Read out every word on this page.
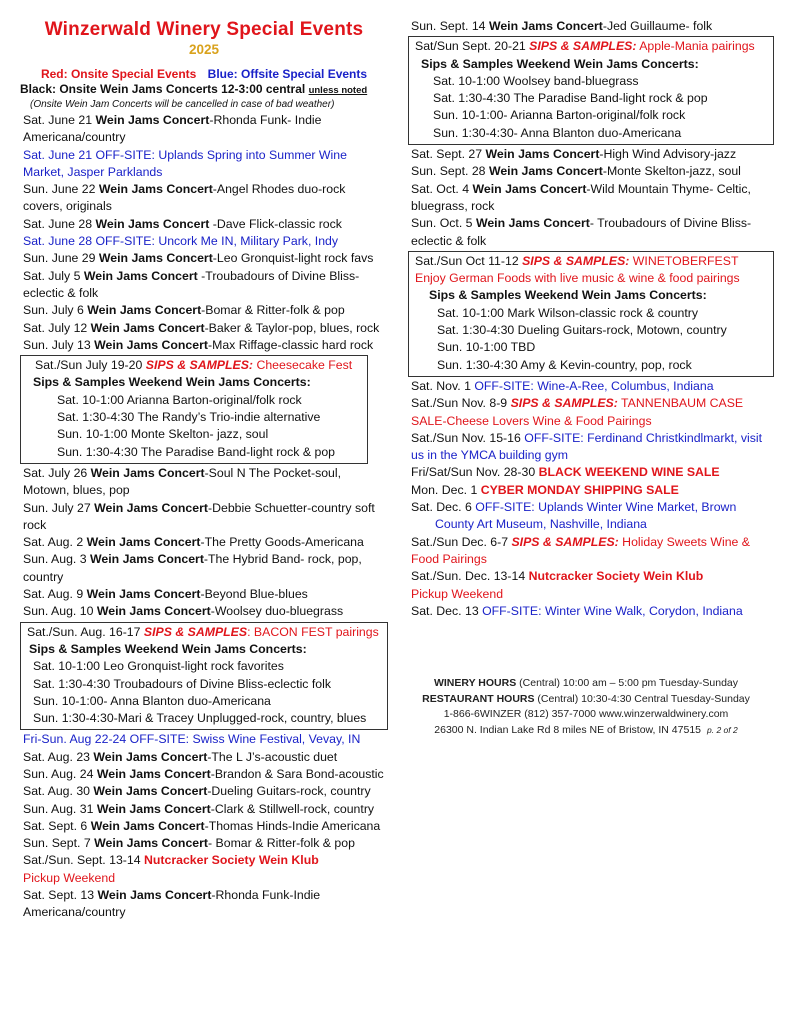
Winzerwald Winery Special Events
2025
Red: Onsite Special Events Blue: Offsite Special Events
Black: Onsite Wein Jams Concerts 12-3:00 central unless noted
(Onsite Wein Jam Concerts will be cancelled in case of bad weather)
Sat. June 21 Wein Jams Concert-Rhonda Funk- Indie Americana/country
Sat. June 21 OFF-SITE: Uplands Spring into Summer Wine Market, Jasper Parklands
Sun. June 22 Wein Jams Concert-Angel Rhodes duo-rock covers, originals
Sat. June 28 Wein Jams Concert -Dave Flick-classic rock
Sat. June 28 OFF-SITE: Uncork Me IN, Military Park, Indy
Sun. June 29 Wein Jams Concert-Leo Gronquist-light rock favs
Sat. July 5 Wein Jams Concert -Troubadours of Divine Bliss-eclectic & folk
Sun. July 6 Wein Jams Concert-Bomar & Ritter-folk & pop
Sat. July 12 Wein Jams Concert-Baker & Taylor-pop, blues, rock
Sun. July 13 Wein Jams Concert-Max Riffage-classic hard rock
Sat./Sun July 19-20 SIPS & SAMPLES: Cheesecake Fest
Sips & Samples Weekend Wein Jams Concerts:
Sat. 10-1:00 Arianna Barton-original/folk rock
Sat. 1:30-4:30 The Randy’s Trio-indie alternative
Sun. 10-1:00 Monte Skelton- jazz, soul
Sun. 1:30-4:30 The Paradise Band-light rock & pop
Sat. July 26 Wein Jams Concert-Soul N The Pocket-soul, Motown, blues, pop
Sun. July 27 Wein Jams Concert-Debbie Schuetter-country soft rock
Sat. Aug. 2 Wein Jams Concert-The Pretty Goods-Americana
Sun. Aug. 3 Wein Jams Concert-The Hybrid Band- rock, pop, country
Sat. Aug. 9 Wein Jams Concert-Beyond Blue-blues
Sun. Aug. 10 Wein Jams Concert-Woolsey duo-bluegrass
Sat./Sun. Aug. 16-17 SIPS & SAMPLES: BACON FEST pairings
Sips & Samples Weekend Wein Jams Concerts:
Sat. 10-1:00 Leo Gronquist-light rock favorites
Sat. 1:30-4:30 Troubadours of Divine Bliss-eclectic folk
Sun. 10-1:00- Anna Blanton duo-Americana
Sun. 1:30-4:30-Mari & Tracey Unplugged-rock, country, blues
Fri-Sun. Aug 22-24 OFF-SITE: Swiss Wine Festival, Vevay, IN
Sat. Aug. 23 Wein Jams Concert-The L J’s-acoustic duet
Sun. Aug. 24 Wein Jams Concert-Brandon & Sara Bond-acoustic
Sat. Aug. 30 Wein Jams Concert-Dueling Guitars-rock, country
Sun. Aug. 31 Wein Jams Concert-Clark & Stillwell-rock, country
Sat. Sept. 6 Wein Jams Concert-Thomas Hinds-Indie Americana
Sun. Sept. 7 Wein Jams Concert- Bomar & Ritter-folk & pop
Sat./Sun. Sept. 13-14 Nutcracker Society Wein Klub
Pickup Weekend
Sat. Sept. 13 Wein Jams Concert-Rhonda Funk-Indie Americana/country
Sun. Sept. 14 Wein Jams Concert-Jed Guillaume- folk
Sat/Sun Sept. 20-21 SIPS & SAMPLES: Apple-Mania pairings
Sips & Samples Weekend Wein Jams Concerts:
Sat. 10-1:00 Woolsey band-bluegrass
Sat. 1:30-4:30 The Paradise Band-light rock & pop
Sun. 10-1:00- Arianna Barton-original/folk rock
Sun. 1:30-4:30- Anna Blanton duo-Americana
Sat. Sept. 27 Wein Jams Concert-High Wind Advisory-jazz
Sun. Sept. 28 Wein Jams Concert-Monte Skelton-jazz, soul
Sat. Oct. 4 Wein Jams Concert-Wild Mountain Thyme- Celtic, bluegrass, rock
Sun. Oct. 5 Wein Jams Concert- Troubadours of Divine Bliss-eclectic & folk
Sat./Sun Oct 11-12 SIPS & SAMPLES: WINETOBERFEST
Enjoy German Foods with live music & wine & food pairings
Sips & Samples Weekend Wein Jams Concerts:
Sat. 10-1:00 Mark Wilson-classic rock & country
Sat. 1:30-4:30 Dueling Guitars-rock, Motown, country
Sun. 10-1:00 TBD
Sun. 1:30-4:30 Amy & Kevin-country, pop, rock
Sat. Nov. 1 OFF-SITE: Wine-A-Ree, Columbus, Indiana
Sat./Sun Nov. 8-9 SIPS & SAMPLES: TANNENBAUM CASE SALE-Cheese Lovers Wine & Food Pairings
Sat./Sun Nov. 15-16 OFF-SITE: Ferdinand Christkindlmarkt, visit us in the YMCA building gym
Fri/Sat/Sun Nov. 28-30 BLACK WEEKEND WINE SALE
Mon. Dec. 1 CYBER MONDAY SHIPPING SALE
Sat. Dec. 6 OFF-SITE: Uplands Winter Wine Market, Brown
County Art Museum, Nashville, Indiana
Sat./Sun Dec. 6-7 SIPS & SAMPLES: Holiday Sweets Wine & Food Pairings
Sat./Sun. Dec. 13-14 Nutcracker Society Wein Klub
Pickup Weekend
Sat. Dec. 13 OFF-SITE: Winter Wine Walk, Corydon, Indiana
WINERY HOURS (Central) 10:00 am – 5:00 pm Tuesday-Sunday
RESTAURANT HOURS (Central) 10:30-4:30 Central Tuesday-Sunday
1-866-6WINZER (812) 357-7000 www.winzerwaldwinery.com
26300 N. Indian Lake Rd 8 miles NE of Bristow, IN 47515 p. 2 of 2
